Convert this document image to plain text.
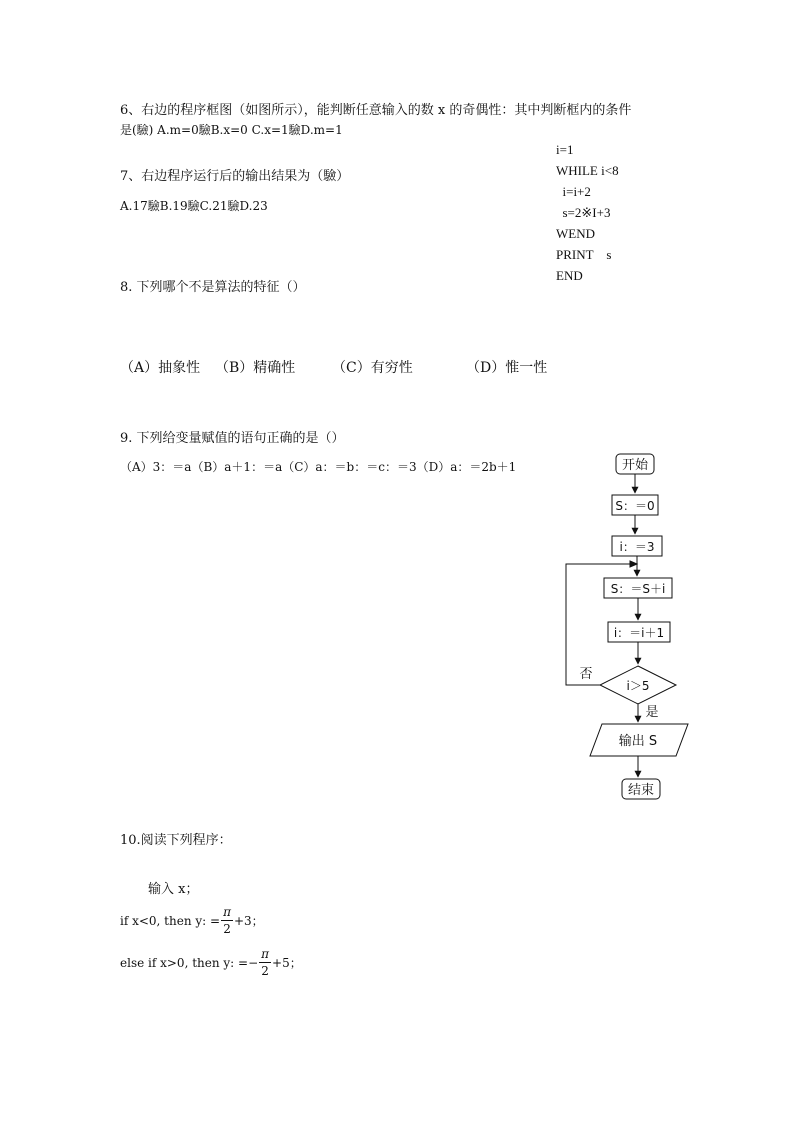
6、右边的程序框图（如图所示），能判断任意输入的数 x 的奇偶性：其中判断框内的条件
是(驗) A.m=0驗B.x=0 C.x=1驗D.m=1
7、右边程序运行后的输出结果为（驗）
A.17驗B.19驗C.21驗D.23
i=1
WHILE i<8
i=i+2
s=2※I+3
WEND
PRINT    s
END
8. 下列哪个不是算法的特征（）
（A）抽象性 （B）精确性	（C）有穷性	（D）惟一性
9. 下列给变量赋值的语句正确的是（）
（A）3：＝a（B）a＋1：＝a（C）a：＝b：＝c：＝3（D）a：＝2b＋1	开始
S：＝0
i：＝3
S：＝S＋i
i：＝i＋1
i＞5
否
是
输出 S
结束
10.阅读下列程序：
输入 x；
if x<0, then y: = $\frac{\pi}{2} +3$；
else if x>0, then y: =− $\frac{\pi}{2} +5$；
